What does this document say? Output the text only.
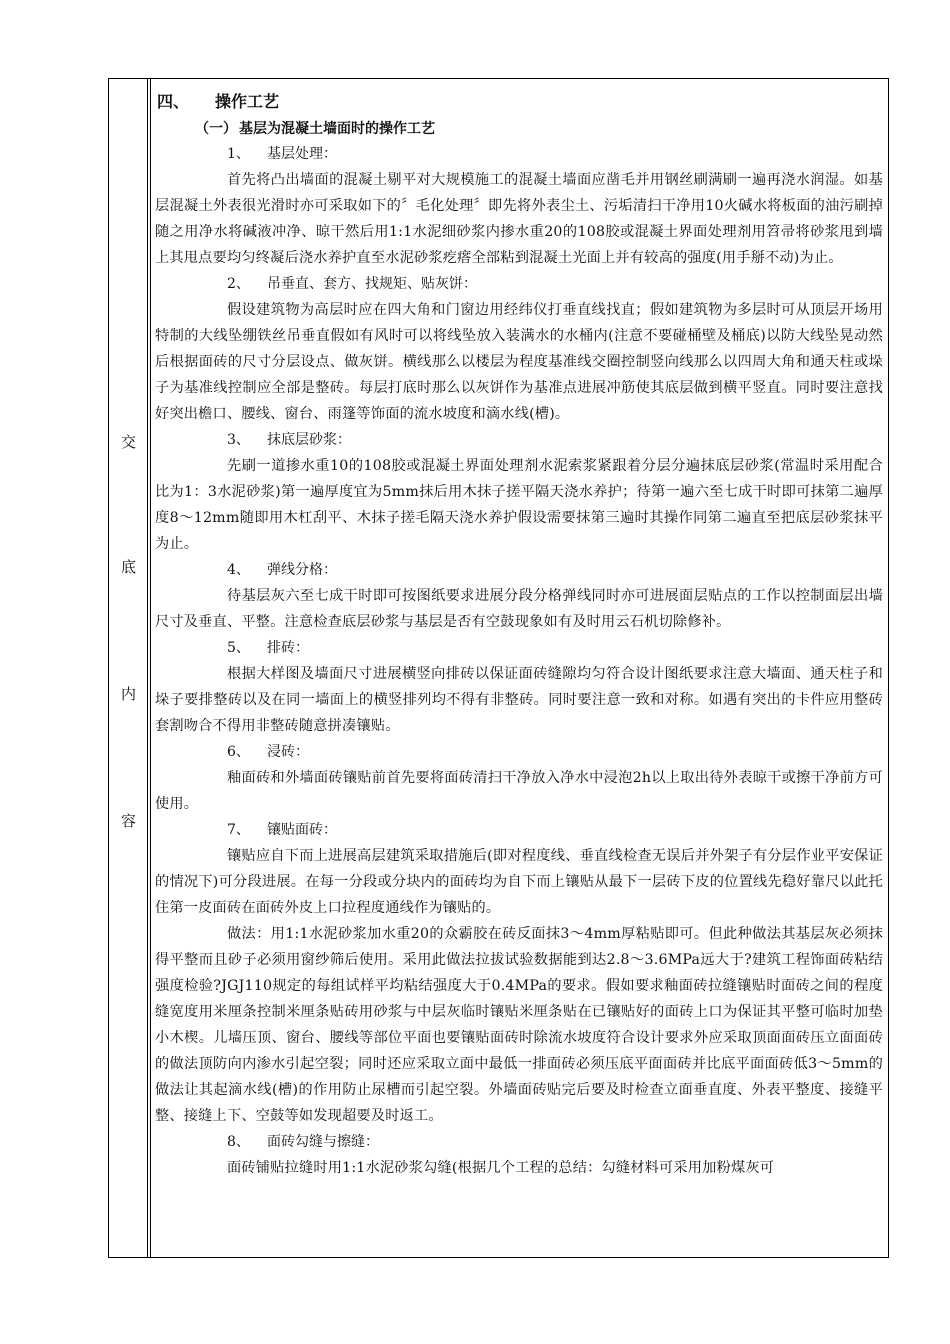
交
底
内
容
四、 操作工艺
（一） 基层为混凝土墙面时的操作工艺
1、 基层处理：

首先将凸出墙面的混凝土剔平对大规模施工的混凝土墙面应凿毛并用钢丝刷满刷一遍再浇水润湿。如基层混凝土外表很光滑时亦可采取如下的〞毛化处理〞即先将外表尘土、污垢清扫干净用10火碱水将板面的油污刷掉随之用净水将碱液冲净、晾干然后用1:1水泥细砂浆内掺水重20的108胶或混凝土界面处理剂用笤帚将砂浆甩到墙上其甩点要均匀终凝后浇水养护直至水泥砂浆疙瘩全部粘到混凝土光面上并有较高的强度(用手掰不动)为止。

2、 吊垂直、套方、找规矩、贴灰饼：

假设建筑物为高层时应在四大角和门窗边用经纬仪打垂直线找直；假如建筑物为多层时可从顶层开场用特制的大线坠绷铁丝吊垂直假如有风时可以将线坠放入装满水的水桶内(注意不要碰桶壁及桶底)以防大线坠晃动然后根据面砖的尺寸分层设点、做灰饼。横线那么以楼层为程度基准线交圈控制竖向线那么以四周大角和通天柱或垛子为基准线控制应全部是整砖。每层打底时那么以灰饼作为基准点进展冲筋使其底层做到横平竖直。同时要注意找好突出檐口、腰线、窗台、雨篷等饰面的流水坡度和滴水线(槽)。

3、 抹底层砂浆：

先刷一道掺水重10的108胶或混凝土界面处理剂水泥索浆紧跟着分层分遍抹底层砂浆(常温时采用配合比为1：3水泥砂浆)第一遍厚度宜为5mm抹后用木抹子搓平隔天浇水养护；待第一遍六至七成干时即可抹第二遍厚度8～12mm随即用木杠刮平、木抹子搓毛隔天浇水养护假设需要抹第三遍时其操作同第二遍直至把底层砂浆抹平为止。

4、 弹线分格：

待基层灰六至七成干时即可按图纸要求进展分段分格弹线同时亦可进展面层贴点的工作以控制面层出墙尺寸及垂直、平整。注意检查底层砂浆与基层是否有空鼓现象如有及时用云石机切除修补。

5、 排砖：

根据大样图及墙面尺寸进展横竖向排砖以保证面砖缝隙均匀符合设计图纸要求注意大墙面、通天柱子和垛子要排整砖以及在同一墙面上的横竖排列均不得有非整砖。同时要注意一致和对称。如遇有突出的卡件应用整砖套割吻合不得用非整砖随意拼凑镶贴。

6、 浸砖：

釉面砖和外墙面砖镶贴前首先要将面砖清扫干净放入净水中浸泡2h以上取出待外表晾干或擦干净前方可使用。

7、 镶贴面砖：

镶贴应自下而上进展高层建筑采取措施后(即对程度线、垂直线检查无误后并外架子有分层作业平安保证的情况下)可分段进展。在每一分段或分块内的面砖均为自下而上镶贴从最下一层砖下皮的位置线先稳好靠尺以此托住第一皮面砖在面砖外皮上口拉程度通线作为镶贴的。

做法：用1:1水泥砂浆加水重20的众霸胶在砖反面抹3～4mm厚粘贴即可。但此种做法其基层灰必须抹得平整而且砂子必须用窗纱筛后使用。采用此做法拉拔试验数据能到达2.8～3.6MPa远大于?建筑工程饰面砖粘结强度检验?JGJ110规定的每组试样平均粘结强度大于0.4MPa的要求。假如要求釉面砖拉缝镶贴时面砖之间的程度缝宽度用米厘条控制米厘条贴砖用砂浆与中层灰临时镶贴米厘条贴在已镶贴好的面砖上口为保证其平整可临时加垫小木楔。儿墙压顶、窗台、腰线等部位平面也要镶贴面砖时除流水坡度符合设计要求外应采取顶面面砖压立面面砖的做法顶防向内渗水引起空裂；同时还应采取立面中最低一排面砖必须压底平面面砖并比底平面面砖低3～5mm的做法让其起滴水线(槽)的作用防止尿槽而引起空裂。外墙面砖贴完后要及时检查立面垂直度、外表平整度、接缝平整、接缝上下、空鼓等如发现超要及时返工。

8、 面砖勾缝与擦缝：

面砖铺贴拉缝时用1:1水泥砂浆勾缝(根据几个工程的总结：勾缝材料可采用加粉煤灰可
